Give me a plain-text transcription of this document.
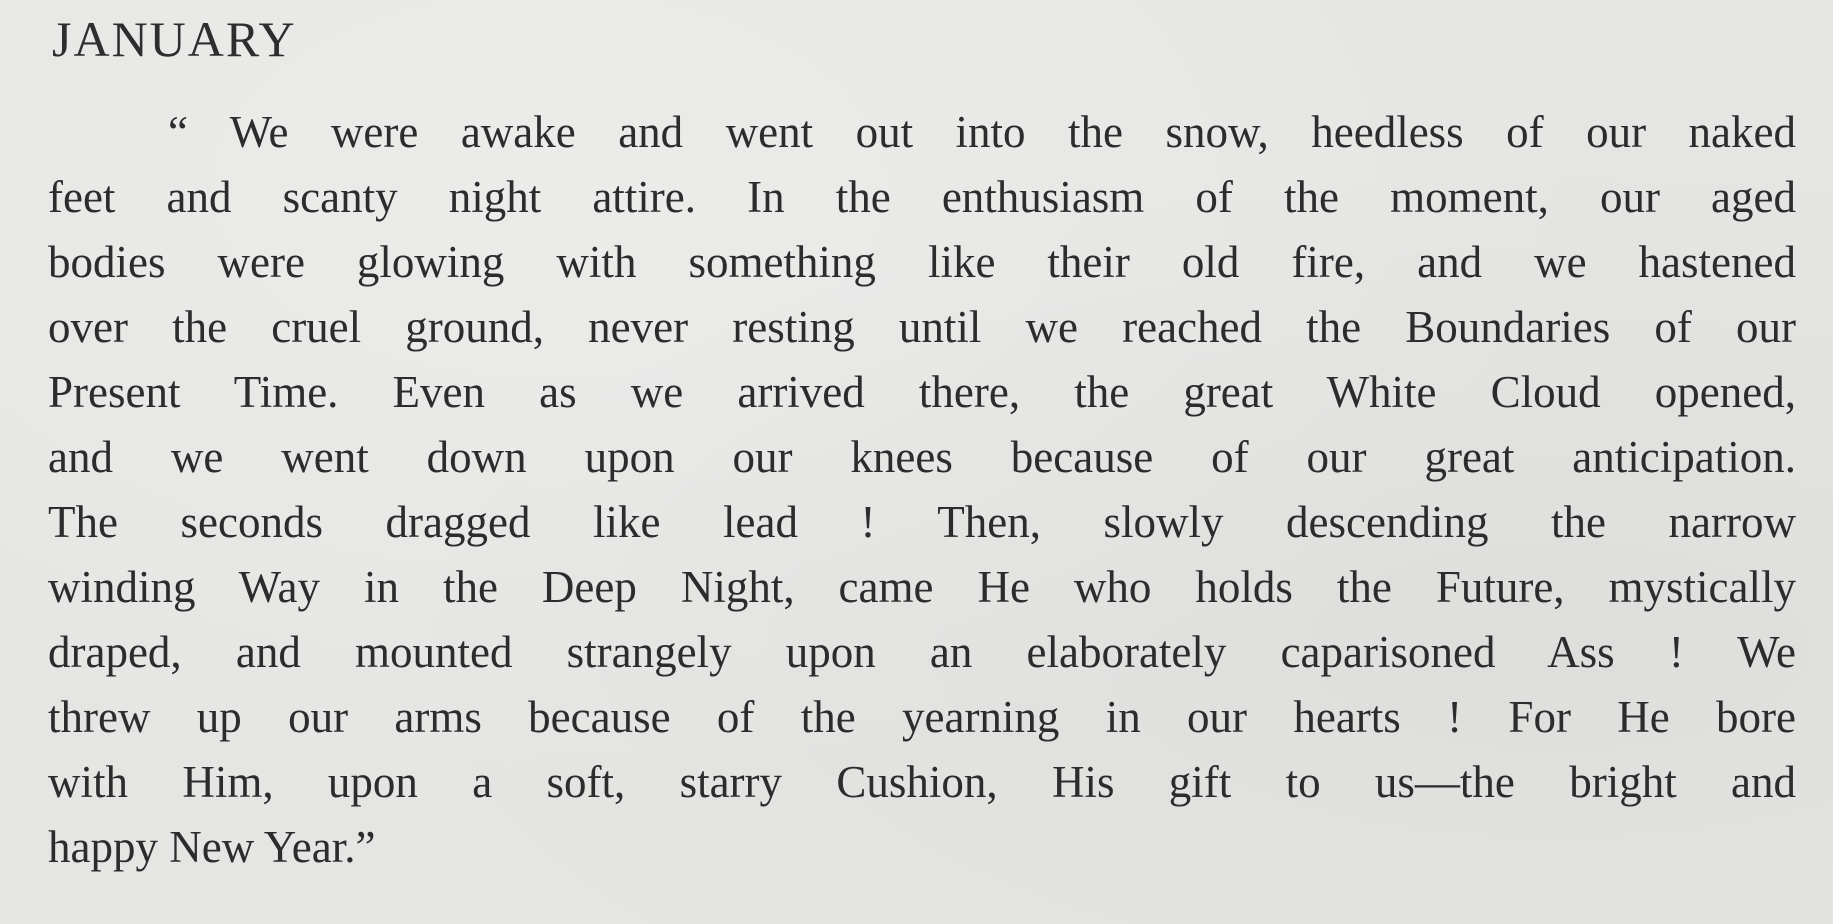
JANUARY
“ We were awake and went out into the snow, heedless of our naked
feet and scanty night attire. In the enthusiasm of the moment, our aged
bodies were glowing with something like their old fire, and we hastened
over the cruel ground, never resting until we reached the Boundaries of our
Present Time. Even as we arrived there, the great White Cloud opened,
and we went down upon our knees because of our great anticipation.
The seconds dragged like lead ! Then, slowly descending the narrow
winding Way in the Deep Night, came He who holds the Future, mystically
draped, and mounted strangely upon an elaborately caparisoned Ass ! We
threw up our arms because of the yearning in our hearts ! For He bore
with Him, upon a soft, starry Cushion, His gift to us—the bright and
happy New Year.”
